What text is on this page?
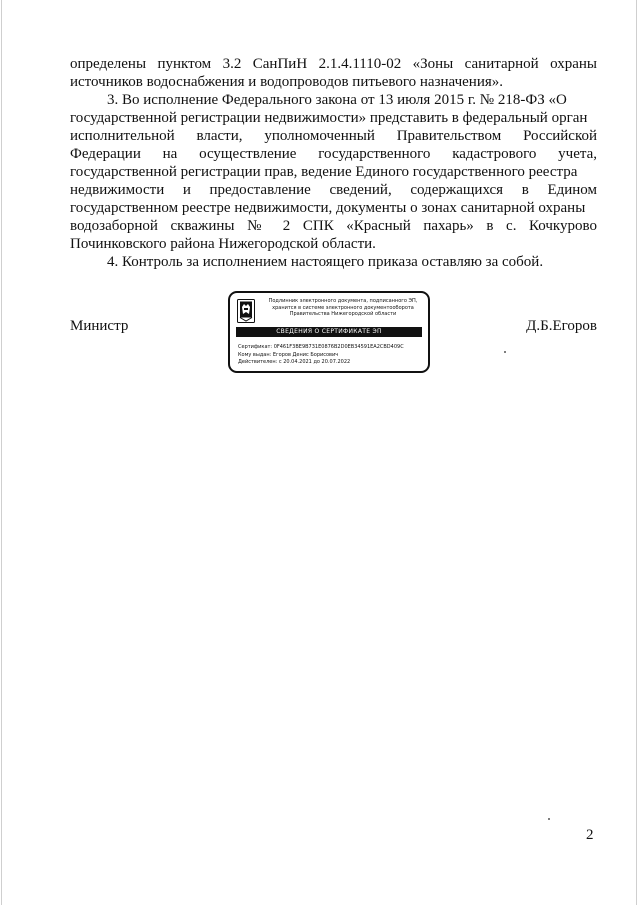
определены пунктом 3.2 СанПиН 2.1.4.1110-02 «Зоны санитарной охраны
источников водоснабжения и водопроводов питьевого назначения».
3. Во исполнение Федерального закона от 13 июля 2015 г. № 218-ФЗ «О
государственной регистрации недвижимости» представить в федеральный орган
исполнительной власти, уполномоченный Правительством Российской
Федерации на осуществление государственного кадастрового учета,
государственной регистрации прав, ведение Единого государственного реестра
недвижимости и предоставление сведений, содержащихся в Едином
государственном реестре недвижимости, документы о зонах санитарной охраны
водозаборной скважины № 2 СПК «Красный пахарь» в с. Кочкурово
Починковского района Нижегородской области.
4. Контроль за исполнением настоящего приказа оставляю за собой.
Министр
Подлинник электронного документа, подписанного ЭП,
хранится в системе электронного документооборота
Правительства Нижегородской области
СВЕДЕНИЯ О СЕРТИФИКАТЕ ЭП
Сертификат: 0F461F3BE9B731E0876B2D0EB34591EA2CBD409C
Кому выдан: Егоров Денис Борисович
Действителен: с 20.04.2021 до 20.07.2022
Д.Б.Егоров
2
